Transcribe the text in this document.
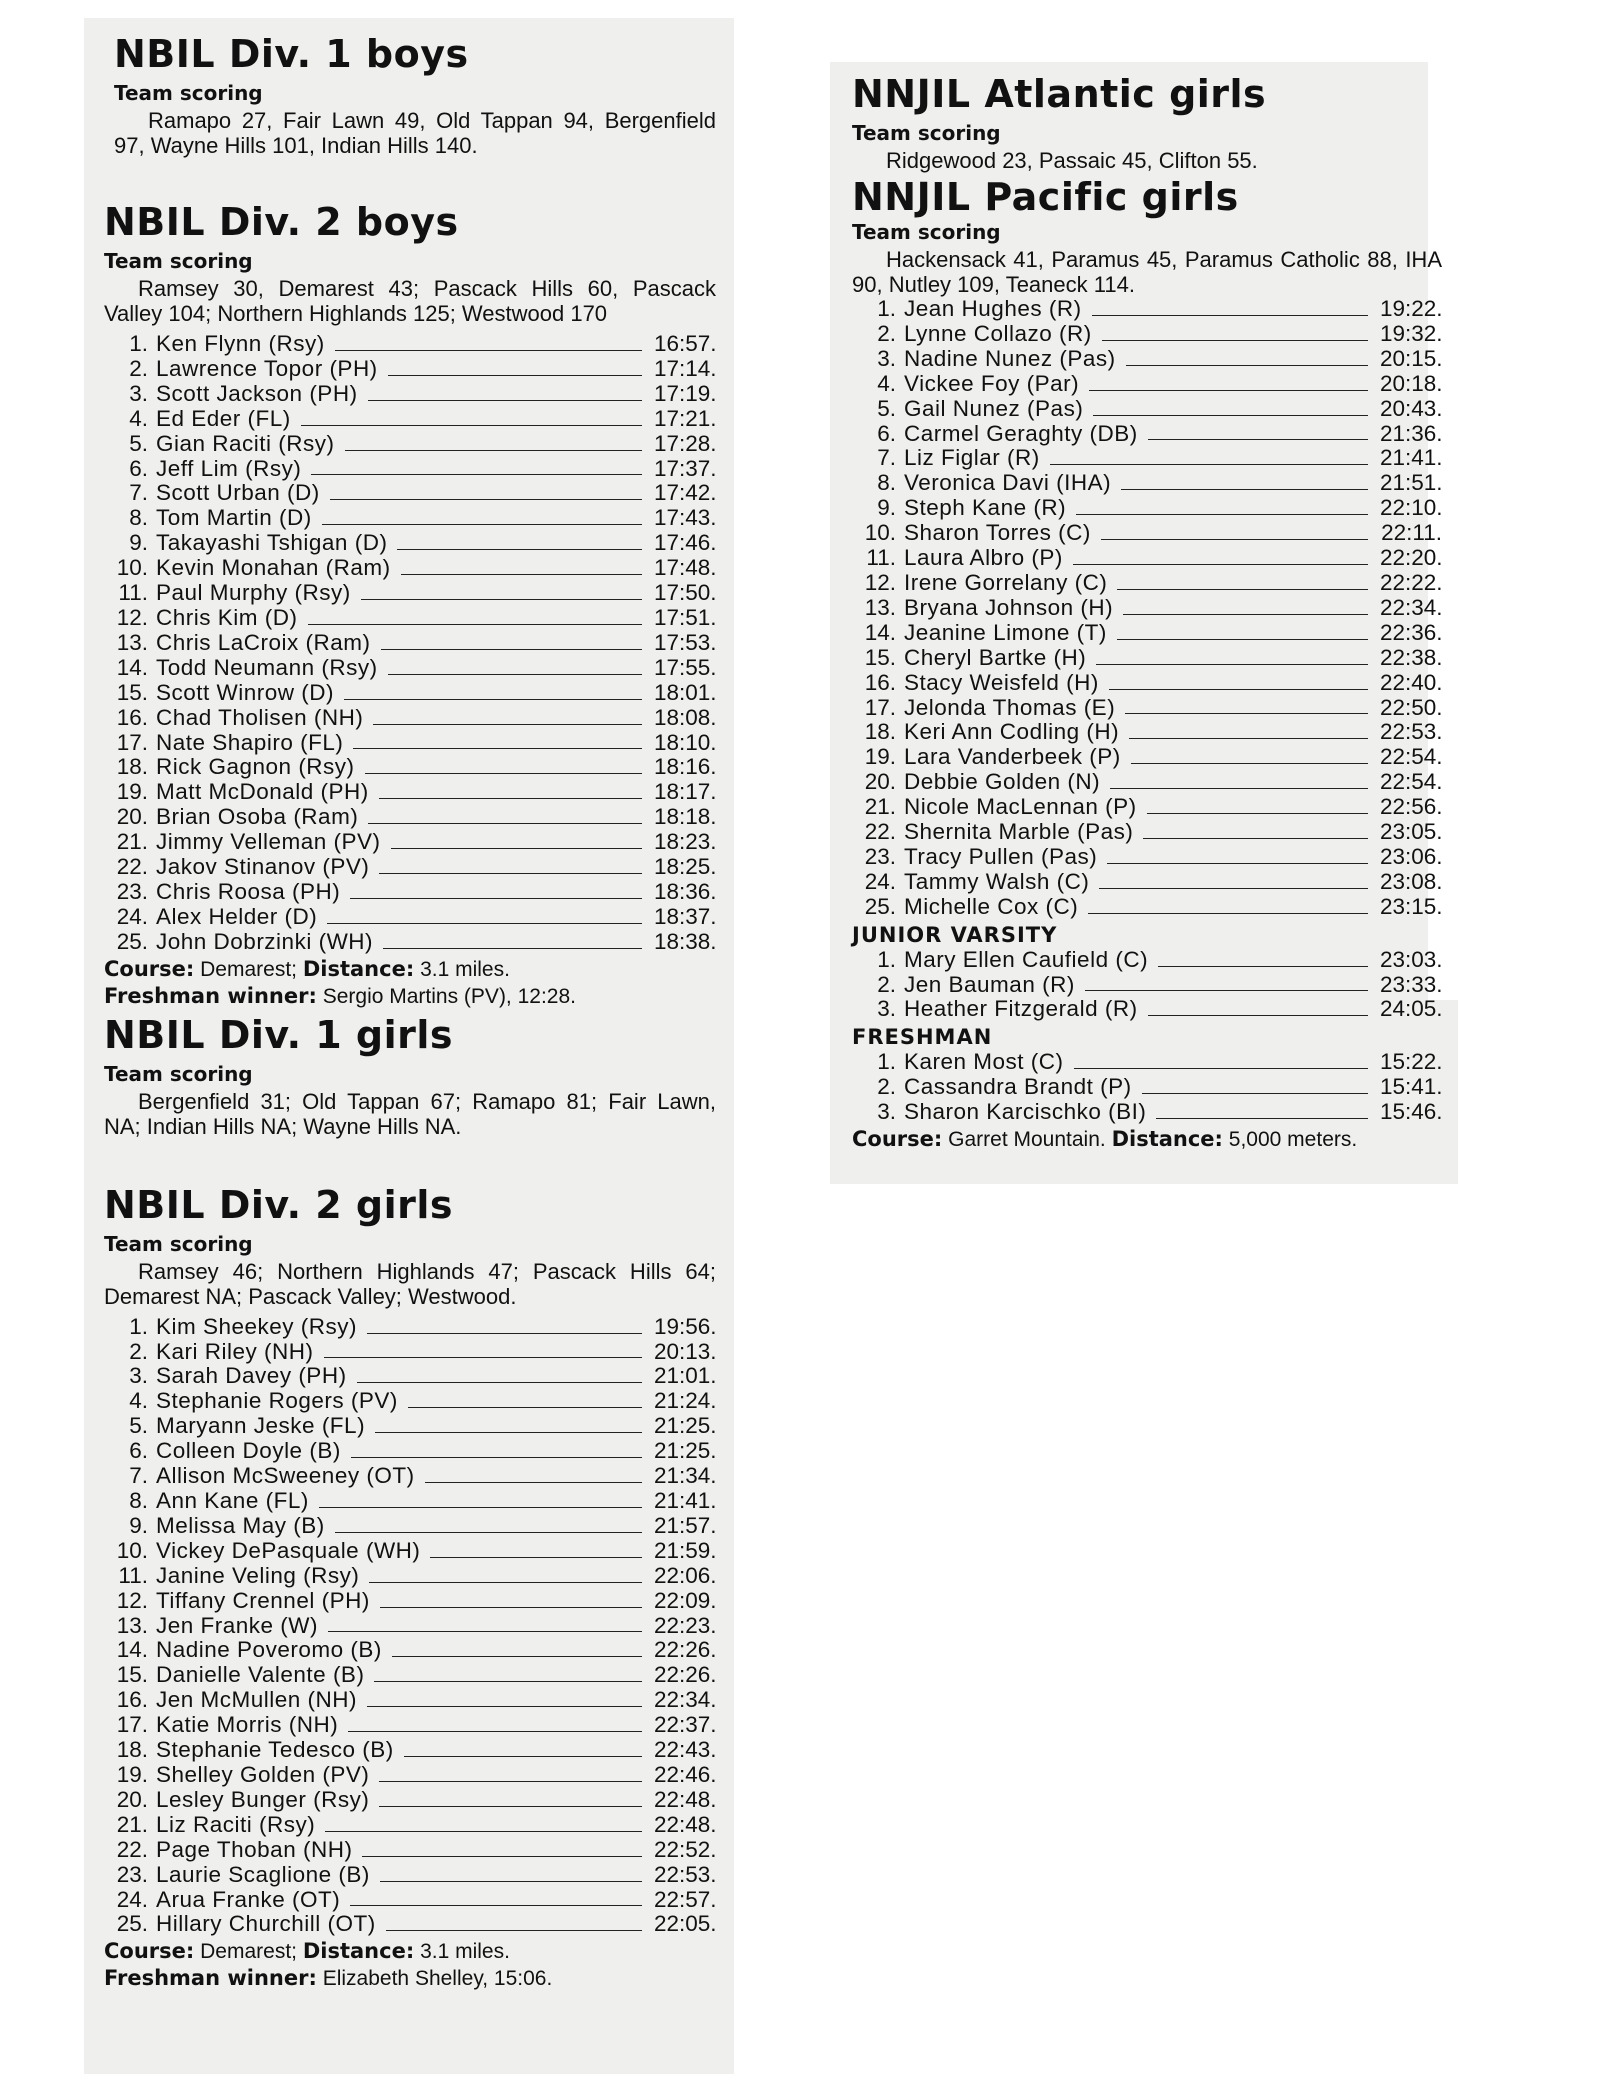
NBIL Div. 1 boys
Team scoring

Ramapo 27, Fair Lawn 49, Old Tappan 94, Bergenfield 97, Wayne Hills 101, Indian Hills 140.

NBIL Div. 2 boys
Team scoring

Ramsey 30, Demarest 43; Pascack Hills 60, Pascack Valley 104; Northern Highlands 125; Westwood 170

1. Ken Flynn (Rsy)	16:57.
2. Lawrence Topor (PH)	17:14.
3. Scott Jackson (PH)	17:19.
4. Ed Eder (FL)	17:21.
5. Gian Raciti (Rsy)	17:28.
6. Jeff Lim (Rsy)	17:37.
7. Scott Urban (D)	17:42.
8. Tom Martin (D)	17:43.
9. Takayashi Tshigan (D)	17:46.
10. Kevin Monahan (Ram)	17:48.
11. Paul Murphy (Rsy)	17:50.
12. Chris Kim (D)	17:51.
13. Chris LaCroix (Ram)	17:53.
14. Todd Neumann (Rsy)	17:55.
15. Scott Winrow (D)	18:01.
16. Chad Tholisen (NH)	18:08.
17. Nate Shapiro (FL)	18:10.
18. Rick Gagnon (Rsy)	18:16.
19. Matt McDonald (PH)	18:17.
20. Brian Osoba (Ram)	18:18.
21. Jimmy Velleman (PV)	18:23.
22. Jakov Stinanov (PV)	18:25.
23. Chris Roosa (PH)	18:36.
24. Alex Helder (D)	18:37.
25. John Dobrzinki (WH)	18:38.

Course: Demarest; Distance: 3.1 miles.

Freshman winner: Sergio Martins (PV), 12:28.

NBIL Div. 1 girls
Team scoring

Bergenfield 31; Old Tappan 67; Ramapo 81; Fair Lawn, NA; Indian Hills NA; Wayne Hills NA.

NBIL Div. 2 girls
Team scoring

Ramsey 46; Northern Highlands 47; Pascack Hills 64; Demarest NA; Pascack Valley; Westwood.

1. Kim Sheekey (Rsy)	19:56.
2. Kari Riley (NH)	20:13.
3. Sarah Davey (PH)	21:01.
4. Stephanie Rogers (PV)	21:24.
5. Maryann Jeske (FL)	21:25.
6. Colleen Doyle (B)	21:25.
7. Allison McSweeney (OT)	21:34.
8. Ann Kane (FL)	21:41.
9. Melissa May (B)	21:57.
10. Vickey DePasquale (WH)	21:59.
11. Janine Veling (Rsy)	22:06.
12. Tiffany Crennel (PH)	22:09.
13. Jen Franke (W)	22:23.
14. Nadine Poveromo (B)	22:26.
15. Danielle Valente (B)	22:26.
16. Jen McMullen (NH)	22:34.
17. Katie Morris (NH)	22:37.
18. Stephanie Tedesco (B)	22:43.
19. Shelley Golden (PV)	22:46.
20. Lesley Bunger (Rsy)	22:48.
21. Liz Raciti (Rsy)	22:48.
22. Page Thoban (NH)	22:52.
23. Laurie Scaglione (B)	22:53.
24. Arua Franke (OT)	22:57.
25. Hillary Churchill (OT)	22:05.

Course: Demarest; Distance: 3.1 miles.

Freshman winner: Elizabeth Shelley, 15:06.

NNJIL Atlantic girls
Team scoring

Ridgewood 23, Passaic 45, Clifton 55.

NNJIL Pacific girls
Team scoring

Hackensack 41, Paramus 45, Paramus Catholic 88, IHA 90, Nutley 109, Teaneck 114.

1. Jean Hughes (R)	19:22.
2. Lynne Collazo (R)	19:32.
3. Nadine Nunez (Pas)	20:15.
4. Vickee Foy (Par)	20:18.
5. Gail Nunez (Pas)	20:43.
6. Carmel Geraghty (DB)	21:36.
7. Liz Figlar (R)	21:41.
8. Veronica Davi (IHA)	21:51.
9. Steph Kane (R)	22:10.
10. Sharon Torres (C)	22:11.
11. Laura Albro (P)	22:20.
12. Irene Gorrelany (C)	22:22.
13. Bryana Johnson (H)	22:34.
14. Jeanine Limone (T)	22:36.
15. Cheryl Bartke (H)	22:38.
16. Stacy Weisfeld (H)	22:40.
17. Jelonda Thomas (E)	22:50.
18. Keri Ann Codling (H)	22:53.
19. Lara Vanderbeek (P)	22:54.
20. Debbie Golden (N)	22:54.
21. Nicole MacLennan (P)	22:56.
22. Shernita Marble (Pas)	23:05.
23. Tracy Pullen (Pas)	23:06.
24. Tammy Walsh (C)	23:08.
25. Michelle Cox (C)	23:15.
JUNIOR VARSITY
1. Mary Ellen Caufield (C)	23:03.
2. Jen Bauman (R)	23:33.
3. Heather Fitzgerald (R)	24:05.
FRESHMAN
1. Karen Most (C)	15:22.
2. Cassandra Brandt (P)	15:41.
3. Sharon Karcischko (BI)	15:46.

Course: Garret Mountain. Distance: 5,000 meters.
